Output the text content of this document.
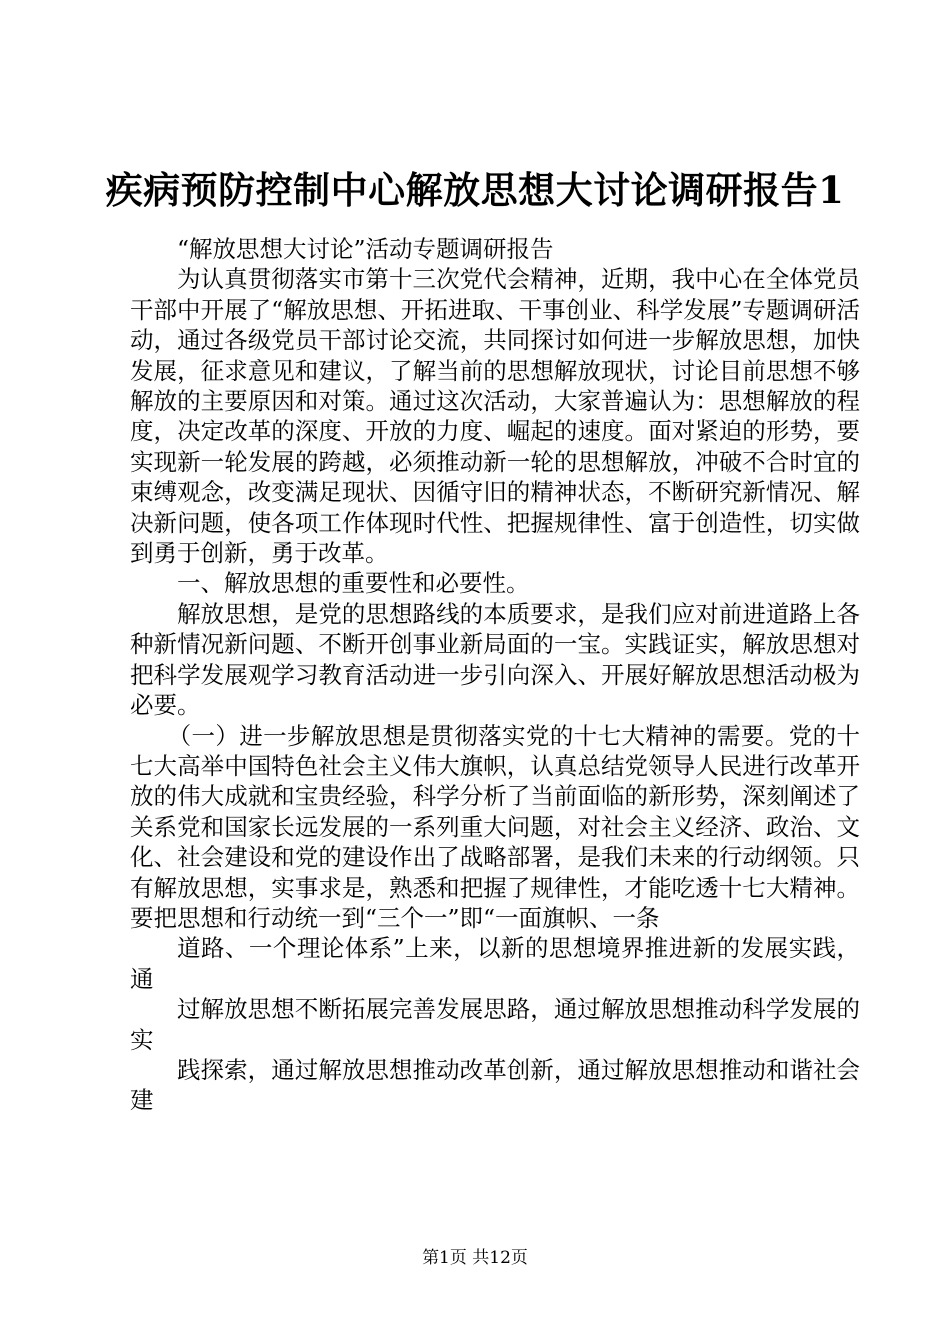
疾病预防控制中心解放思想大讨论调研报告1

“解放思想大讨论”活动专题调研报告

为认真贯彻落实市第十三次党代会精神，近期，我中心在全体党员干部中开展了“解放思想、开拓进取、干事创业、科学发展”专题调研活动，通过各级党员干部讨论交流，共同探讨如何进一步解放思想，加快发展，征求意见和建议，了解当前的思想解放现状，讨论目前思想不够解放的主要原因和对策。通过这次活动，大家普遍认为：思想解放的程度，决定改革的深度、开放的力度、崛起的速度。面对紧迫的形势，要实现新一轮发展的跨越，必须推动新一轮的思想解放，冲破不合时宜的束缚观念，改变满足现状、因循守旧的精神状态，不断研究新情况、解决新问题，使各项工作体现时代性、把握规律性、富于创造性，切实做到勇于创新，勇于改革。

一、解放思想的重要性和必要性。

解放思想，是党的思想路线的本质要求，是我们应对前进道路上各种新情况新问题、不断开创事业新局面的一宝。实践证实，解放思想对把科学发展观学习教育活动进一步引向深入、开展好解放思想活动极为必要。

（一）进一步解放思想是贯彻落实党的十七大精神的需要。党的十七大高举中国特色社会主义伟大旗帜，认真总结党领导人民进行改革开放的伟大成就和宝贵经验，科学分析了当前面临的新形势，深刻阐述了关系党和国家长远发展的一系列重大问题，对社会主义经济、政治、文化、社会建设和党的建设作出了战略部署，是我们未来的行动纲领。只有解放思想，实事求是，熟悉和把握了规律性，才能吃透十七大精神。要把思想和行动统一到“三个一”即“一面旗帜、一条

道路、一个理论体系”上来，以新的思想境界推进新的发展实践，通

过解放思想不断拓展完善发展思路，通过解放思想推动科学发展的实

践探索，通过解放思想推动改革创新，通过解放思想推动和谐社会建

第1页 共12页
